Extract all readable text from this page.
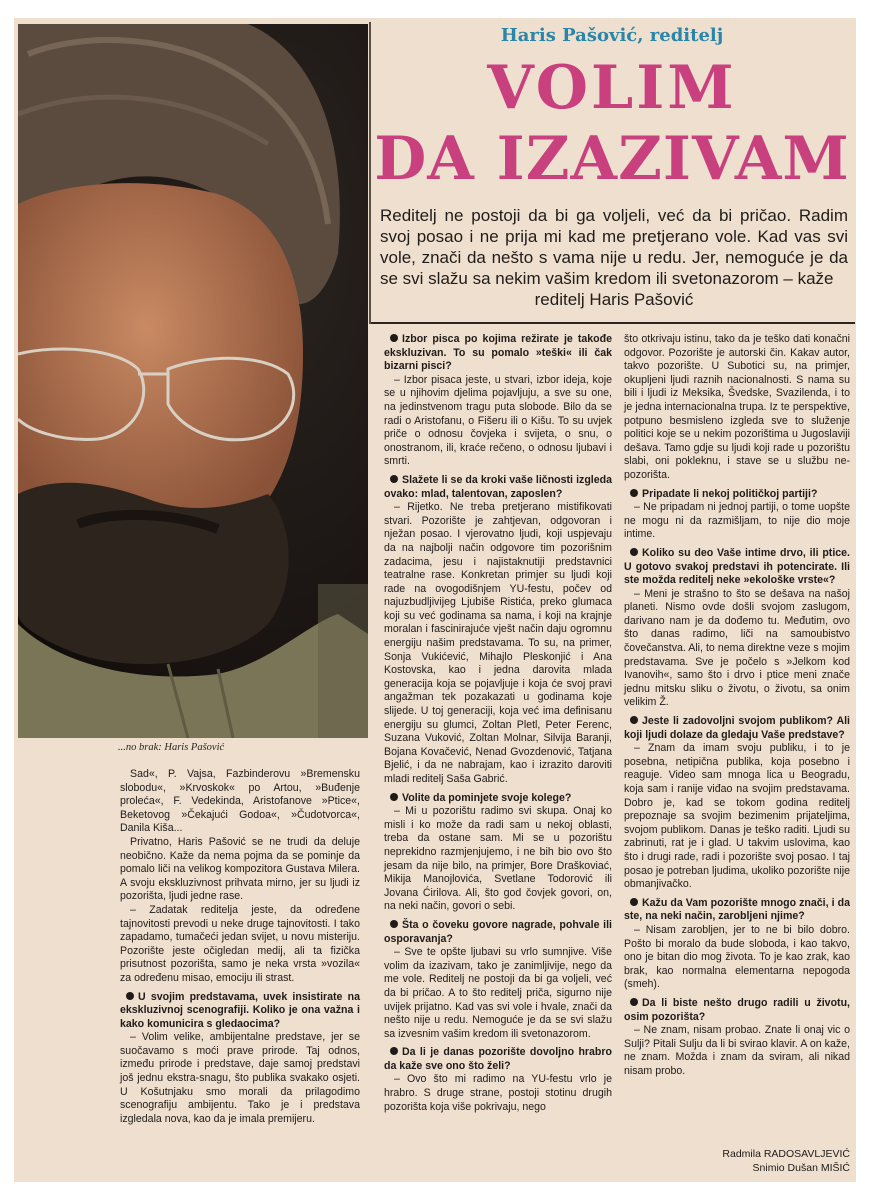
...no brak: Haris Pašović
Haris Pašović, reditelj
VOLIM
DA IZAZIVAM
Reditelj ne postoji da bi ga voljeli, već da bi pričao. Radim svoj posao i ne prija mi kad me pretjerano vole. Kad vas svi vole, znači da nešto s vama nije u redu. Jer, nemoguće je da se svi slažu sa nekim vašim kredom ili svetonazorom – kaže
reditelj Haris Pašović

Sad«, P. Vajsa, Fazbinderovu »Bremensku slobodu«, »Krvoskok« po Artou, »Buđenje proleća«, F. Vedekinda, Aristofanove »Ptice«, Beketovog »Čekajući Godoa«, »Čudotvorca«, Danila Kiša...

Privatno, Haris Pašović se ne trudi da deluje neobično. Kaže da nema pojma da se pominje da pomalo liči na velikog kompozitora Gustava Milera. A svoju ekskluzivnost prihvata mirno, jer su ljudi iz pozorišta, ljudi jedne rase.

– Zadatak reditelja jeste, da određene tajnovitosti prevodi u neke druge tajnovitosti. I tako zapadamo, tumačeći jedan svijet, u novu misteriju. Pozorište jeste očigledan medij, ali ta fizička prisutnost pozorišta, samo je neka vrsta »vozila« za određenu misao, emociju ili strast.

U svojim predstavama, uvek insistirate na ekskluzivnoj scenografiji. Koliko je ona važna i kako komunicira s gledaocima?

– Volim velike, ambijentalne predstave, jer se suočavamo s moći prave prirode. Taj odnos, između prirode i predstave, daje samoj predstavi još jednu ekstra-snagu, što publika svakako osjeti. U Košutnjaku smo morali da prilagodimo scenografiju ambijentu. Tako je i predstava izgledala nova, kao da je imala premijeru.

Izbor pisca po kojima režirate je takođe ekskluzivan. To su pomalo »teški« ili čak bizarni pisci?

– Izbor pisaca jeste, u stvari, izbor ideja, koje se u njihovim djelima pojavljuju, a sve su one, na jedinstvenom tragu puta slobode. Bilo da se radi o Aristofanu, o Fišeru ili o Kišu. To su uvjek priče o odnosu čovjeka i svijeta, o snu, o onostranom, ili, kraće rečeno, o odnosu ljubavi i smrti.

Slažete li se da kroki vaše ličnosti izgleda ovako: mlad, talentovan, zaposlen?

– Rijetko. Ne treba pretjerano mistifikovati stvari. Pozorište je zahtjevan, odgovoran i nježan posao. I vjerovatno ljudi, koji uspjevaju da na najbolji način odgovore tim pozorišnim zadacima, jesu i najistaknutiji predstavnici teatralne rase. Konkretan primjer su ljudi koji rade na ovogodišnjem YU-festu, počev od najuzbudljivijeg Ljubiše Ristića, preko glumaca koji su već godinama sa nama, i koji na krajnje moralan i fascinirajuće vješt način daju ogromnu energiju našim predstavama. To su, na primer, Sonja Vukićević, Mihajlo Pleskonjić i Ana Kostovska, kao i jedna darovita mlada generacija koja se pojavljuje i koja će svoj pravi angažman tek pozakazati u godinama koje slijede. U toj generaciji, koja već ima definisanu energiju su glumci, Zoltan Pletl, Peter Ferenc, Suzana Vuković, Zoltan Molnar, Silvija Baranji, Bojana Kovačević, Nenad Gvozdenović, Tatjana Bjelić, i da ne nabrajam, kao i izrazito daroviti mladi reditelj Saša Gabrić.

Volite da pominjete svoje kolege?

– Mi u pozorištu radimo svi skupa. Onaj ko misli i ko može da radi sam u nekoj oblasti, treba da ostane sam. Mi se u pozorištu neprekidno razmjenjujemo, i ne bih bio ovo što jesam da nije bilo, na primjer, Bore Draškoviać, Mikija Manojlovića, Svetlane Todorović ili Jovana Ćirilova. Ali, što god čovjek govori, on, na neki način, govori o sebi.

Šta o čoveku govore nagrade, pohvale ili osporavanja?

– Sve te opšte ljubavi su vrlo sumnjive. Više volim da izazivam, tako je zanimljivije, nego da me vole. Reditelj ne postoji da bi ga voljeli, već da bi pričao. A to što reditelj priča, sigurno nije uvijek prijatno. Kad vas svi vole i hvale, znači da nešto nije u redu. Nemoguće je da se svi slažu sa izvesnim vašim kredom ili svetonazorom.

Da li je danas pozorište dovoljno hrabro da kaže sve ono što želi?

– Ovo što mi radimo na YU-festu vrlo je hrabro. S druge strane, postoji stotinu drugih pozorišta koja više pokrivaju, nego

što otkrivaju istinu, tako da je teško dati konačni odgovor. Pozorište je autorski čin. Kakav autor, takvo pozorište. U Subotici su, na primjer, okupljeni ljudi raznih nacionalnosti. S nama su bili i ljudi iz Meksika, Švedske, Svazilenda, i to je jedna internacionalna trupa. Iz te perspektive, potpuno besmisleno izgleda sve to služenje politici koje se u nekim pozorištima u Jugoslaviji dešava. Tamo gdje su ljudi koji rade u pozorištu slabi, oni pokleknu, i stave se u službu ne-pozorišta.

Pripadate li nekoj političkoj partiji?

– Ne pripadam ni jednoj partiji, o tome uopšte ne mogu ni da razmišljam, to nije dio moje intime.

Koliko su deo Vaše intime drvo, ili ptice. U gotovo svakoj predstavi ih potencirate. Ili ste možda reditelj neke »ekološke vrste«?

– Meni je strašno to što se dešava na našoj planeti. Nismo ovde došli svojom zaslugom, darivano nam je da dođemo tu. Međutim, ovo što danas radimo, liči na samoubistvo čovečanstva. Ali, to nema direktne veze s mojim predstavama. Sve je počelo s »Jelkom kod Ivanovih«, samo što i drvo i ptice meni znače jednu mitsku sliku o životu, o životu, sa onim velikim Ž.

Jeste li zadovoljni svojom publikom? Ali koji ljudi dolaze da gledaju Vaše predstave?

– Znam da imam svoju publiku, i to je posebna, netipična publika, koja posebno i reaguje. Video sam mnoga lica u Beogradu, koja sam i ranije viđao na svojim predstavama. Dobro je, kad se tokom godina reditelj prepoznaje sa svojim bezimenim prijateljima, svojom publikom. Danas je teško raditi. Ljudi su zabrinuti, rat je i glad. U takvim uslovima, kao što i drugi rade, radi i pozorište svoj posao. I taj posao je potreban ljudima, ukoliko pozorište nije obmanjivačko.

Kažu da Vam pozorište mnogo znači, i da ste, na neki način, zarobljeni njime?

– Nisam zarobljen, jer to ne bi bilo dobro. Pošto bi moralo da bude sloboda, i kao takvo, ono je bitan dio mog života. To je kao zrak, kao brak, kao normalna elementarna nepogoda (smeh).

Da li biste nešto drugo radili u životu, osim pozorišta?

– Ne znam, nisam probao. Znate li onaj vic o Sulji? Pitali Sulju da li bi svirao klavir. A on kaže, ne znam. Možda i znam da sviram, ali nikad nisam probo.

Radmila RADOSAVLJEVIĆ
Snimio Dušan MIŠIĆ
